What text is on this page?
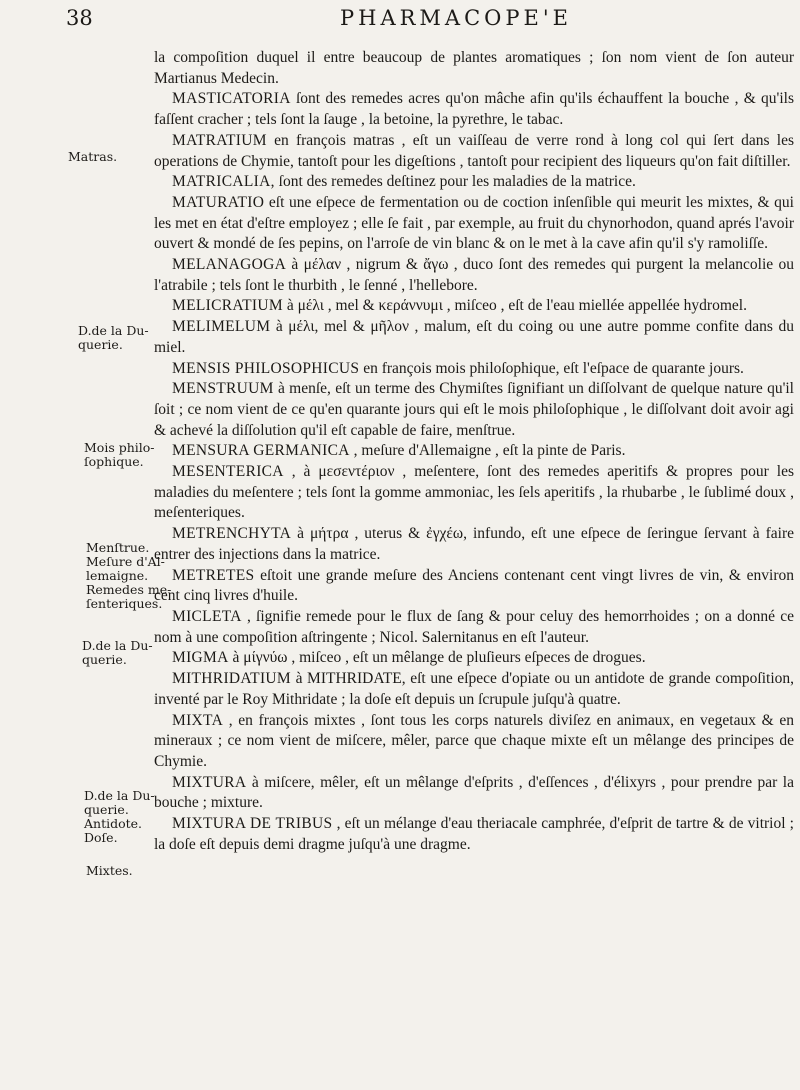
38	PHARMACOPE'E
Matras.
D.de la Du-
querie.
Mois philo-
ſophique.
Menſtrue.
Meſure d'Al-
lemaigne.
Remedes me-
ſenteriques.
D.de la Du-
querie.
D.de la Du-
querie.
Antidote.
Doſe.
Mixtes.

la compoſition duquel il entre beaucoup de plantes aromatiques ; ſon nom vient de ſon auteur Martianus Medecin.

MASTICATORIA ſont des remedes acres qu'on mâche afin qu'ils échauffent la bouche , & qu'ils faſſent cracher ; tels ſont la ſauge , la betoine, la pyrethre, le tabac.

MATRATIUM en françois matras , eſt un vaiſſeau de verre rond à long col qui ſert dans les operations de Chymie, tantoſt pour les digeſtions , tantoſt pour recipient des liqueurs qu'on fait diſtiller.

MATRICALIA, ſont des remedes deſtinez pour les maladies de la matrice.

MATURATIO eſt une eſpece de fermentation ou de coction inſenſible qui meurit les mixtes, & qui les met en état d'eſtre employez ; elle ſe fait , par exemple, au fruit du chynorhodon, quand aprés l'avoir ouvert & mondé de ſes pepins, on l'arroſe de vin blanc & on le met à la cave afin qu'il s'y ramoliſſe.

MELANAGOGA à μέλαν , nigrum & ἄγω , duco ſont des remedes qui purgent la melancolie ou l'atrabile ; tels ſont le thurbith , le ſenné , l'hellebore.

MELICRATIUM à μέλι , mel & κεράννυμι , miſceo , eſt de l'eau miellée appellée hydromel.

MELIMELUM à μέλι, mel & μῆλον , malum, eſt du coing ou une autre pomme confite dans du miel.

MENSIS PHILOSOPHICUS en françois mois philoſophique, eſt l'eſpace de quarante jours.

MENSTRUUM à menſe, eſt un terme des Chymiſtes ſignifiant un diſſolvant de quelque nature qu'il ſoit ; ce nom vient de ce qu'en quarante jours qui eſt le mois philoſophique , le diſſolvant doit avoir agi & achevé la diſſolution qu'il eſt capable de faire, menſtrue.

MENSURA GERMANICA , meſure d'Allemaigne , eſt la pinte de Paris.

MESENTERICA , à μεσεντέριον , meſentere, ſont des remedes aperitifs & propres pour les maladies du meſentere ; tels ſont la gomme ammoniac, les ſels aperitifs , la rhubarbe , le ſublimé doux , meſenteriques.

METRENCHYTA à μήτρα , uterus & ἐγχέω, infundo, eſt une eſpece de ſeringue ſervant à faire entrer des injections dans la matrice.

METRETES eſtoit une grande meſure des Anciens contenant cent vingt livres de vin, & environ cent cinq livres d'huile.

MICLETA , ſignifie remede pour le flux de ſang & pour celuy des hemorrhoides ; on a donné ce nom à une compoſition aſtringente ; Nicol. Salernitanus en eſt l'auteur.

MIGMA à μίγνύω , miſceo , eſt un mêlange de pluſieurs eſpeces de drogues.

MITHRIDATIUM à MITHRIDATE, eſt une eſpece d'opiate ou un antidote de grande compoſition, inventé par le Roy Mithridate ; la doſe eſt depuis un ſcrupule juſqu'à quatre.

MIXTA , en françois mixtes , ſont tous les corps naturels diviſez en animaux, en vegetaux & en mineraux ; ce nom vient de miſcere, mêler, parce que chaque mixte eſt un mêlange des principes de Chymie.

MIXTURA à miſcere, mêler, eſt un mêlange d'eſprits , d'eſſences , d'élixyrs , pour prendre par la bouche ; mixture.

MIXTURA DE TRIBUS , eſt un mélange d'eau theriacale camphrée, d'eſprit de tartre & de vitriol ; la doſe eſt depuis demi dragme juſqu'à une dragme.
